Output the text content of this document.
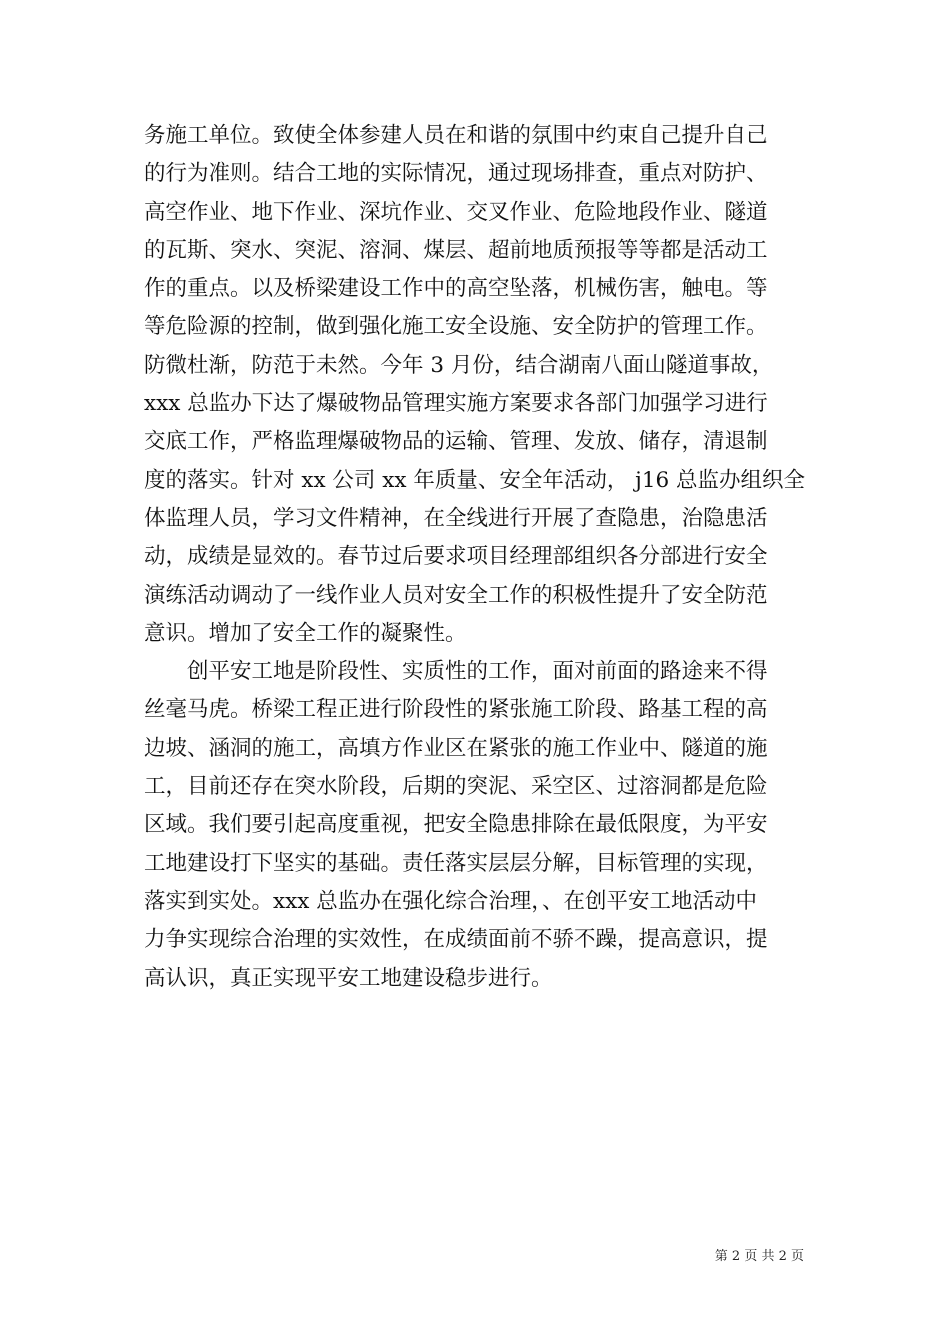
务施工单位。致使全体参建人员在和谐的氛围中约束自己提升自己
的行为准则。结合工地的实际情况，通过现场排查，重点对防护、
高空作业、地下作业、深坑作业、交叉作业、危险地段作业、隧道
的瓦斯、突水、突泥、溶洞、煤层、超前地质预报等等都是活动工
作的重点。以及桥梁建设工作中的高空坠落，机械伤害，触电。等
等危险源的控制，做到强化施工安全设施、安全防护的管理工作。
防微杜渐，防范于未然。今年 3 月份，结合湖南八面山隧道事故，
xxx 总监办下达了爆破物品管理实施方案要求各部门加强学习进行
交底工作，严格监理爆破物品的运输、管理、发放、储存，清退制
度的落实。针对 xx 公司 xx 年质量、安全年活动， j16 总监办组织全
体监理人员，学习文件精神，在全线进行开展了查隐患，治隐患活
动，成绩是显效的。春节过后要求项目经理部组织各分部进行安全
演练活动调动了一线作业人员对安全工作的积极性提升了安全防范
意识。增加了安全工作的凝聚性。
　　创平安工地是阶段性、实质性的工作，面对前面的路途来不得
丝毫马虎。桥梁工程正进行阶段性的紧张施工阶段、路基工程的高
边坡、涵洞的施工，高填方作业区在紧张的施工作业中、隧道的施
工，目前还存在突水阶段，后期的突泥、采空区、过溶洞都是危险
区域。我们要引起高度重视，把安全隐患排除在最低限度，为平安
工地建设打下坚实的基础。责任落实层层分解，目标管理的实现，
落实到实处。xxx 总监办在强化综合治理，、在创平安工地活动中
力争实现综合治理的实效性，在成绩面前不骄不躁，提高意识，提
高认识，真正实现平安工地建设稳步进行。
第 2 页 共 2 页
